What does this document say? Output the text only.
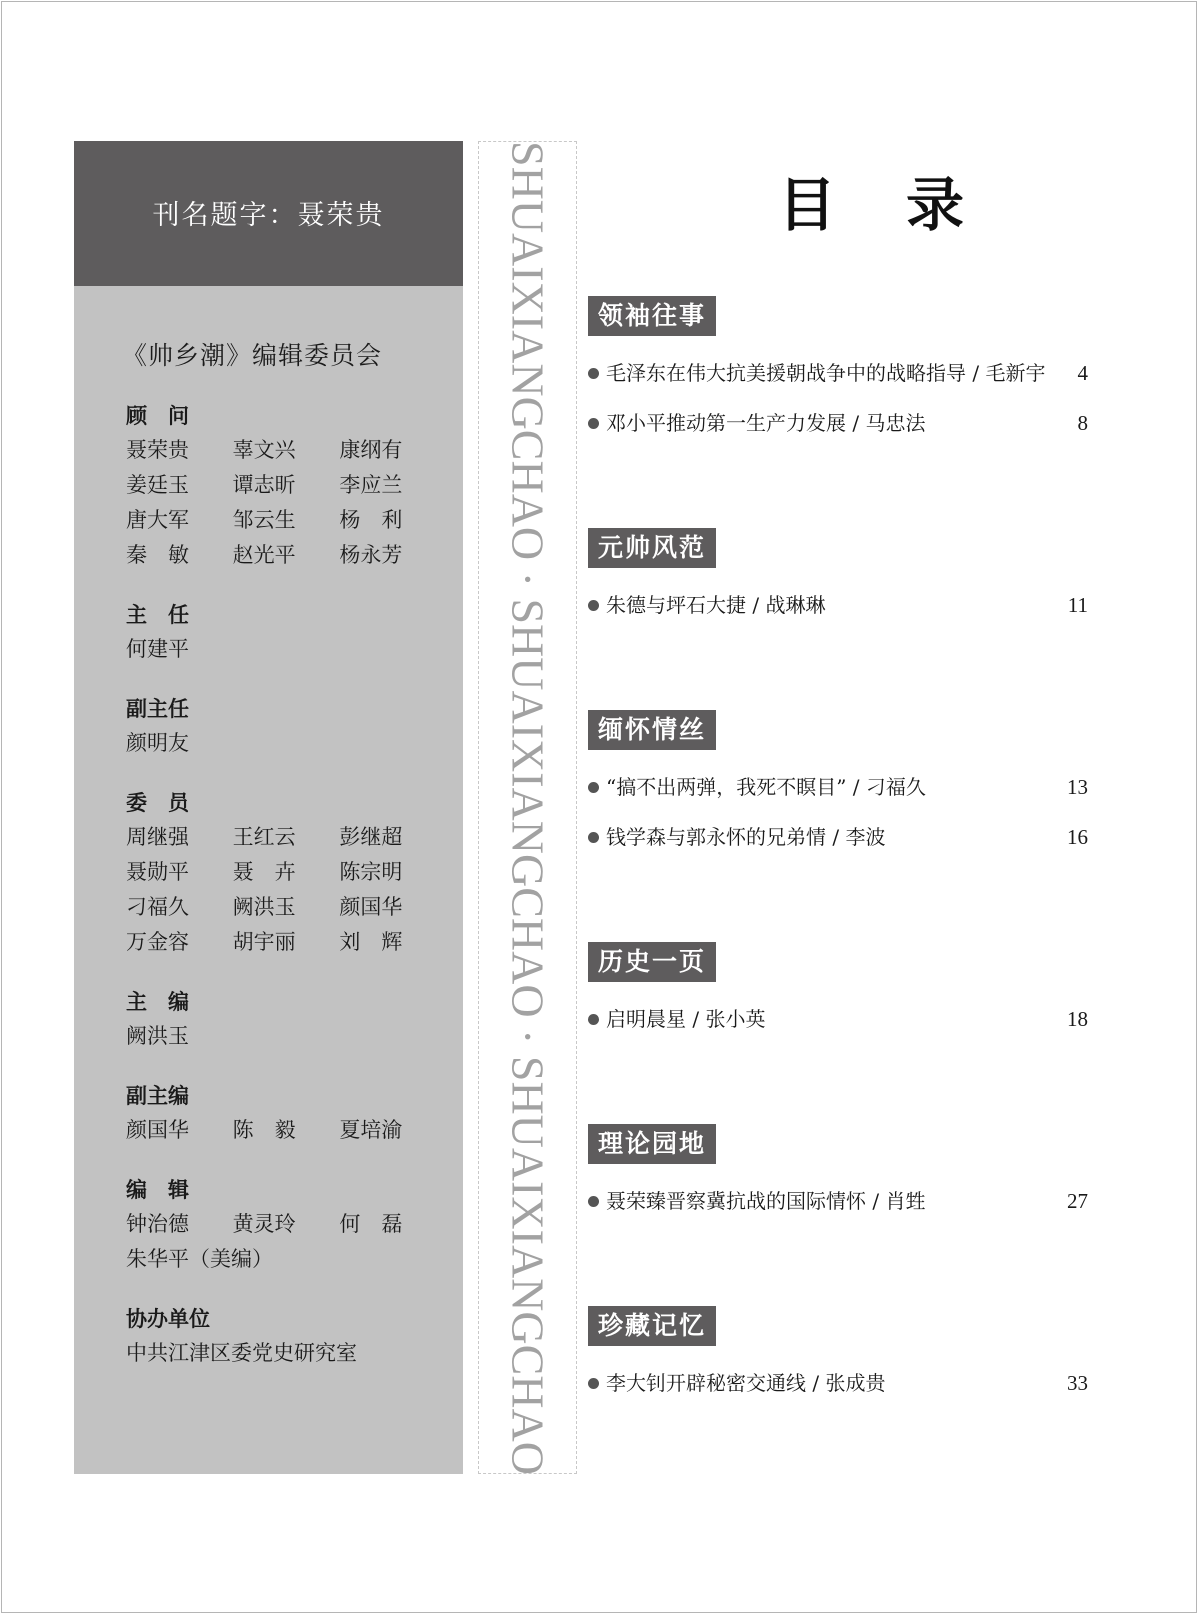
刊名题字：聂荣贵
《帅乡潮》编辑委员会
顾　问
聂荣贵	辜文兴	康纲有
姜廷玉	谭志昕	李应兰
唐大军	邹云生	杨　利
秦　敏	赵光平	杨永芳
主　任
何建平
副主任
颜明友
委　员
周继强	王红云	彭继超
聂勋平	聂　卉	陈宗明
刁福久	阙洪玉	颜国华
万金容	胡宇丽	刘　辉
主　编
阙洪玉
副主编
颜国华	陈　毅	夏培渝
编　辑
钟治德	黄灵玲	何　磊
朱华平（美编）
协办单位
中共江津区委党史研究室	SHUAIXIANGCHAO · SHUAIXIANGCHAO · SHUAIXIANGCHAO	目录
领袖往事
毛泽东在伟大抗美援朝战争中的战略指导 / 毛新宇	4
邓小平推动第一生产力发展 / 马忠法	8
元帅风范
朱德与坪石大捷 / 战琳琳	11
缅怀情丝
“搞不出两弹，我死不瞑目” / 刁福久	13
钱学森与郭永怀的兄弟情 / 李波	16
历史一页
启明晨星 / 张小英	18
理论园地
聂荣臻晋察冀抗战的国际情怀 / 肖甡	27
珍藏记忆
李大钊开辟秘密交通线 / 张成贵	33
